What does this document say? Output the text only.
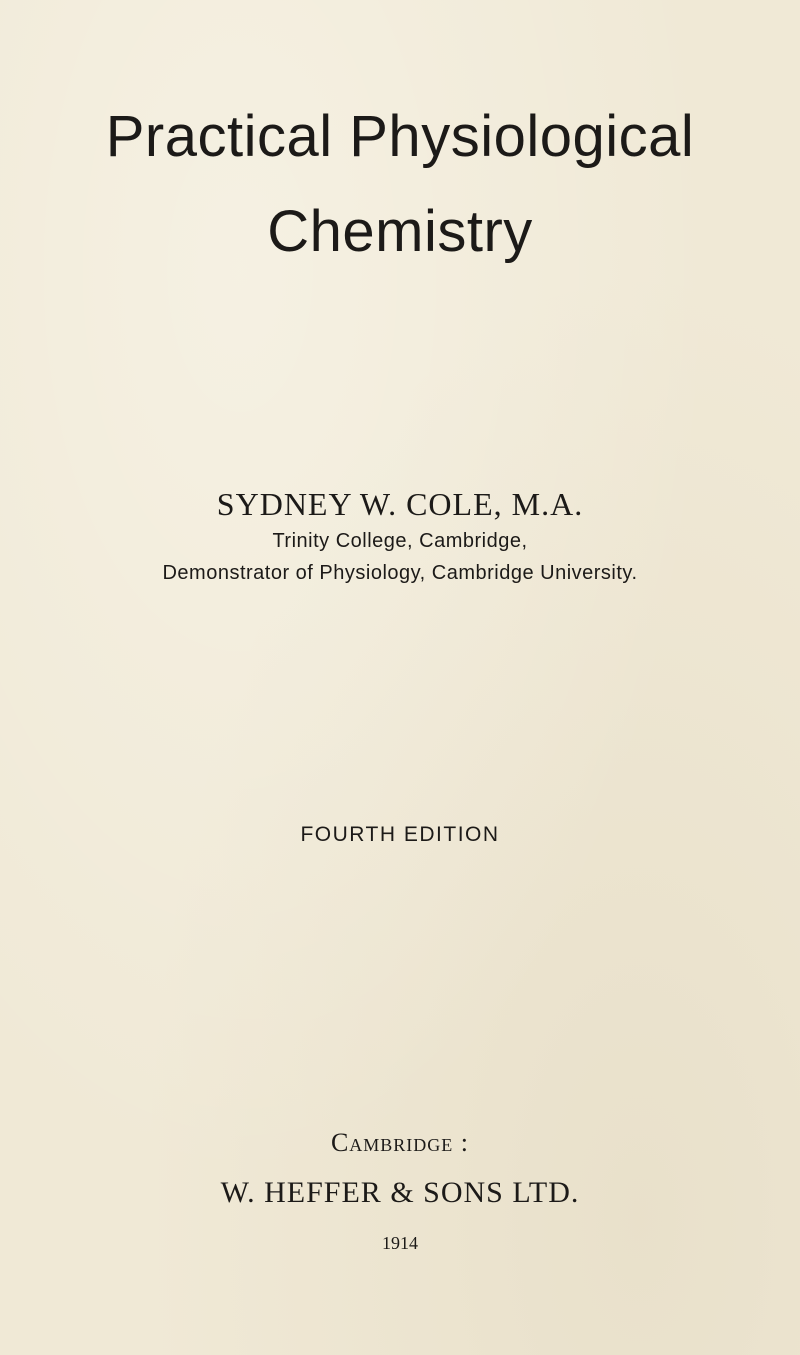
Practical Physiological
Chemistry
SYDNEY W. COLE, M.A.
Trinity College, Cambridge,
Demonstrator of Physiology, Cambridge University.
FOURTH EDITION
Cambridge :
W. HEFFER & SONS LTD.
1914
